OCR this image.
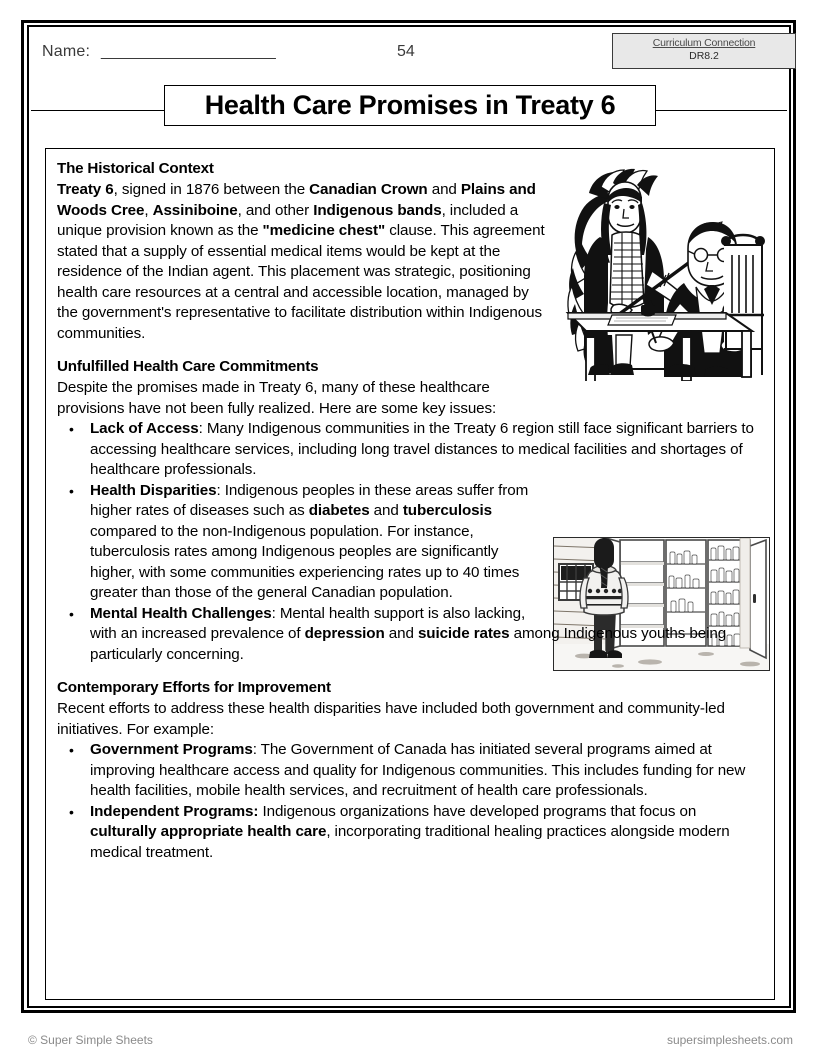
Name: ______________________	54	Curriculum Connection
DR8.2
Health Care Promises in Treaty 6
The Historical Context

Treaty 6, signed in 1876 between the Canadian Crown and Plains and Woods Cree, Assiniboine, and other Indigenous bands, included a unique provision known as the "medicine chest" clause. This agreement stated that a supply of essential medical items would be kept at the residence of the Indian agent. This placement was strategic, positioning health care resources at a central and accessible location, managed by the government's representative to facilitate distribution within Indigenous communities.

Unfulfilled Health Care Commitments

Despite the promises made in Treaty 6, many of these healthcare provisions have not been fully realized. Here are some key issues:

• Lack of Access: Many Indigenous communities in the Treaty 6 region still face significant barriers to accessing healthcare services, including long travel distances to medical facilities and shortages of healthcare professionals.
• Health Disparities: Indigenous peoples in these areas suffer from higher rates of diseases such as diabetes and tuberculosis compared to the non-Indigenous population. For instance, tuberculosis rates among Indigenous peoples are significantly higher, with some communities experiencing rates up to 40 times greater than those of the general Canadian population.
• Mental Health Challenges: Mental health support is also lacking, with an increased prevalence of depression and suicide rates among Indigenous youths being particularly concerning.
Contemporary Efforts for Improvement

Recent efforts to address these health disparities have included both government and community-led initiatives. For example:

• Government Programs: The Government of Canada has initiated several programs aimed at improving healthcare access and quality for Indigenous communities. This includes funding for new health facilities, mobile health services, and recruitment of health care professionals.
• Independent Programs: Indigenous organizations have developed programs that focus on culturally appropriate health care, incorporating traditional healing practices alongside modern medical treatment.
© Super Simple Sheets	supersimplesheets.com
